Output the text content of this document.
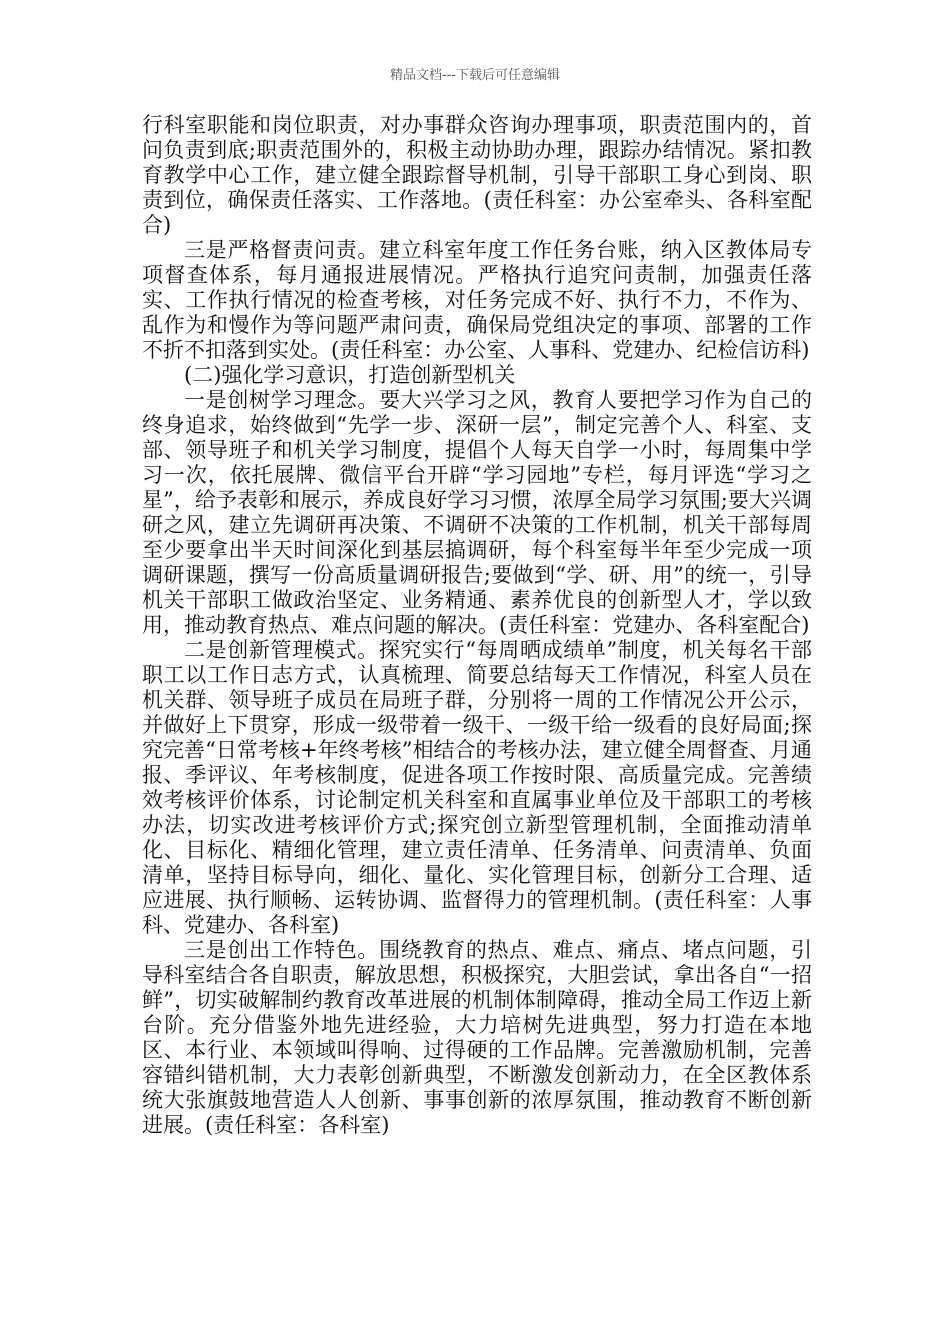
精品文档---下载后可任意编辑

行科室职能和岗位职责，对办事群众咨询办理事项，职责范围内的，首问负责到底;职责范围外的，积极主动协助办理，跟踪办结情况。紧扣教育教学中心工作，建立健全跟踪督导机制，引导干部职工身心到岗、职责到位，确保责任落实、工作落地。(责任科室：办公室牵头、各科室配合)

三是严格督责问责。建立科室年度工作任务台账，纳入区教体局专项督查体系，每月通报进展情况。严格执行追究问责制，加强责任落实、工作执行情况的检查考核，对任务完成不好、执行不力，不作为、乱作为和慢作为等问题严肃问责，确保局党组决定的事项、部署的工作不折不扣落到实处。(责任科室：办公室、人事科、党建办、纪检信访科)

(二)强化学习意识，打造创新型机关

一是创树学习理念。要大兴学习之风，教育人要把学习作为自己的终身追求，始终做到“先学一步、深研一层”，制定完善个人、科室、支部、领导班子和机关学习制度，提倡个人每天自学一小时，每周集中学习一次，依托展牌、微信平台开辟“学习园地”专栏，每月评选“学习之星”，给予表彰和展示，养成良好学习习惯，浓厚全局学习氛围;要大兴调研之风，建立先调研再决策、不调研不决策的工作机制，机关干部每周至少要拿出半天时间深化到基层搞调研，每个科室每半年至少完成一项调研课题，撰写一份高质量调研报告;要做到“学、研、用”的统一，引导机关干部职工做政治坚定、业务精通、素养优良的创新型人才，学以致用，推动教育热点、难点问题的解决。(责任科室：党建办、各科室配合)

二是创新管理模式。探究实行“每周晒成绩单”制度，机关每名干部职工以工作日志方式，认真梳理、简要总结每天工作情况，科室人员在机关群、领导班子成员在局班子群，分别将一周的工作情况公开公示，并做好上下贯穿，形成一级带着一级干、一级干给一级看的良好局面;探究完善“日常考核+年终考核”相结合的考核办法，建立健全周督查、月通报、季评议、年考核制度，促进各项工作按时限、高质量完成。完善绩效考核评价体系，讨论制定机关科室和直属事业单位及干部职工的考核办法，切实改进考核评价方式;探究创立新型管理机制，全面推动清单化、目标化、精细化管理，建立责任清单、任务清单、问责清单、负面清单，坚持目标导向，细化、量化、实化管理目标，创新分工合理、适应进展、执行顺畅、运转协调、监督得力的管理机制。(责任科室：人事科、党建办、各科室)

三是创出工作特色。围绕教育的热点、难点、痛点、堵点问题，引导科室结合各自职责，解放思想，积极探究，大胆尝试，拿出各自“一招鲜”，切实破解制约教育改革进展的机制体制障碍，推动全局工作迈上新台阶。充分借鉴外地先进经验，大力培树先进典型，努力打造在本地区、本行业、本领域叫得响、过得硬的工作品牌。完善激励机制，完善容错纠错机制，大力表彰创新典型，不断激发创新动力，在全区教体系统大张旗鼓地营造人人创新、事事创新的浓厚氛围，推动教育不断创新进展。(责任科室：各科室)
